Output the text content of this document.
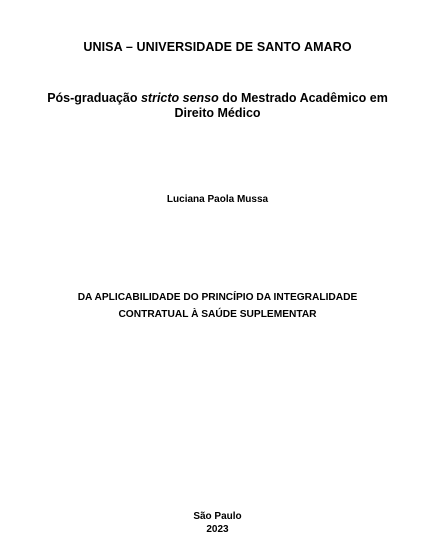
UNISA – UNIVERSIDADE DE SANTO AMARO
Pós-graduação stricto senso do Mestrado Acadêmico em
Direito Médico
Luciana Paola Mussa
DA APLICABILIDADE DO PRINCÍPIO DA INTEGRALIDADE
CONTRATUAL À SAÚDE SUPLEMENTAR
São Paulo
2023
